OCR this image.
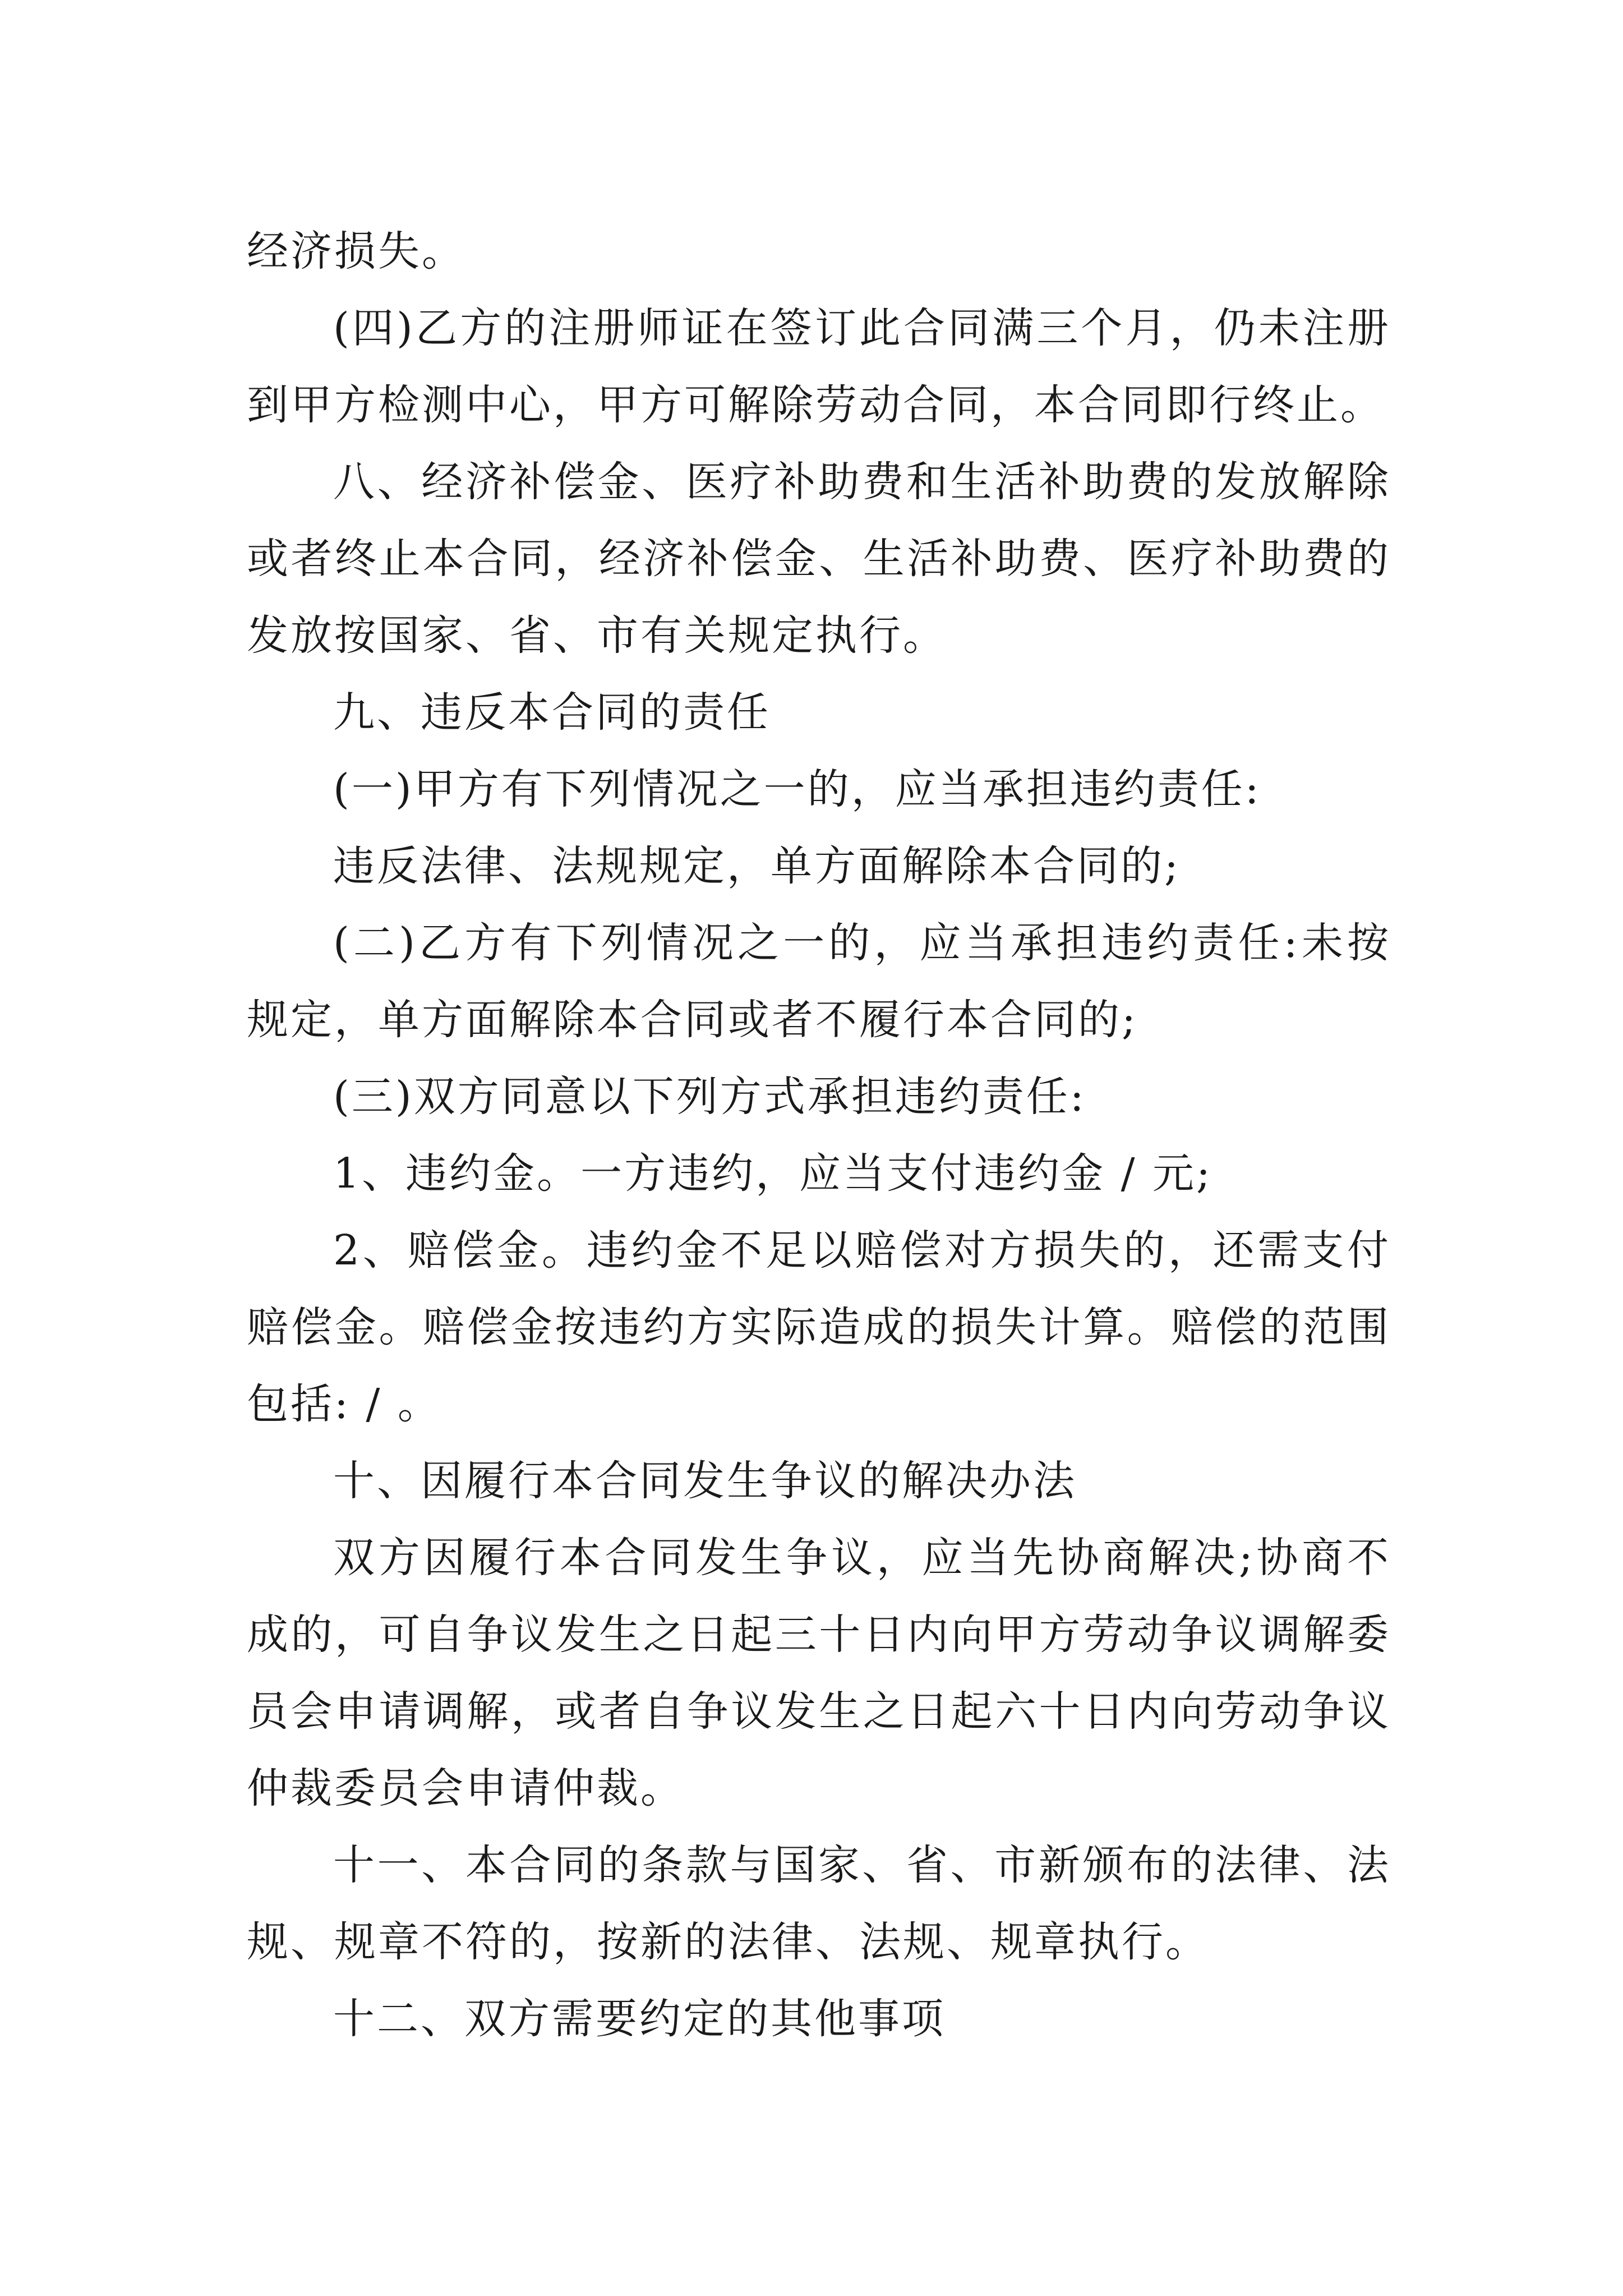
经济损失。

(四)乙方的注册师证在签订此合同满三个月，仍未注册到甲方检测中心，甲方可解除劳动合同，本合同即行终止。

八、经济补偿金、医疗补助费和生活补助费的发放解除或者终止本合同，经济补偿金、生活补助费、医疗补助费的发放按国家、省、市有关规定执行。

九、违反本合同的责任

(一)甲方有下列情况之一的，应当承担违约责任:

违反法律、法规规定，单方面解除本合同的;

(二)乙方有下列情况之一的，应当承担违约责任:未按规定，单方面解除本合同或者不履行本合同的;

(三)双方同意以下列方式承担违约责任:

1、违约金。一方违约，应当支付违约金 / 元;

2、赔偿金。违约金不足以赔偿对方损失的，还需支付赔偿金。赔偿金按违约方实际造成的损失计算。赔偿的范围包括: / 。

十、因履行本合同发生争议的解决办法

双方因履行本合同发生争议，应当先协商解决;协商不成的，可自争议发生之日起三十日内向甲方劳动争议调解委员会申请调解，或者自争议发生之日起六十日内向劳动争议仲裁委员会申请仲裁。

十一、本合同的条款与国家、省、市新颁布的法律、法规、规章不符的，按新的法律、法规、规章执行。

十二、双方需要约定的其他事项
